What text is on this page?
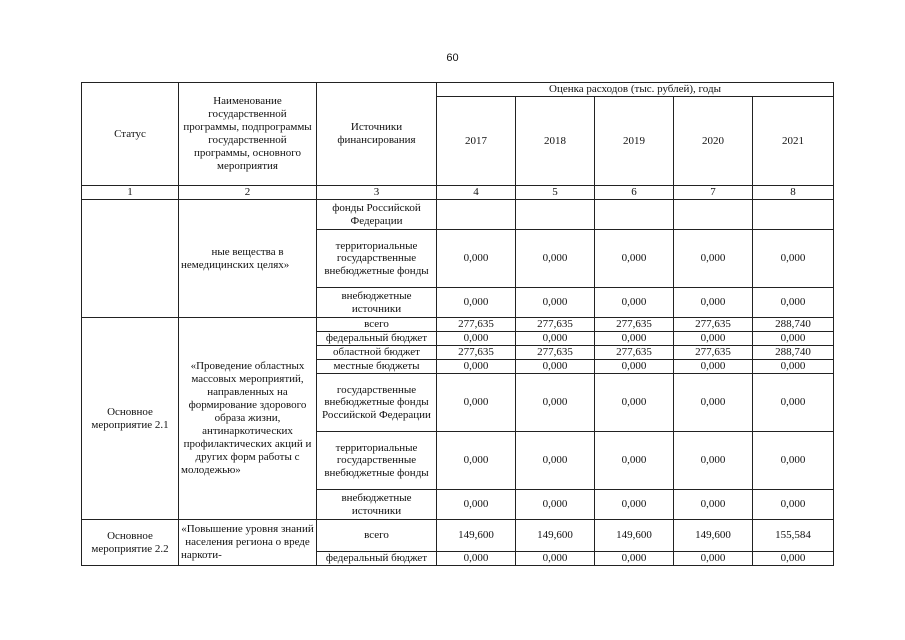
60
Статус	Наименование государственной программы, подпрограммы государственной программы, основного мероприятия	Источники финансирования	Оценка расходов (тыс. рублей), годы				
			2017	2018	2019	2020	2021
1	2	3	4	5	6	7	8
	ные вещества в немедицинских целях»	фонды Российской Федерации					
		территориальные государственные внебюджетные фонды	0,000	0,000	0,000	0,000	0,000
		внебюджетные источники	0,000	0,000	0,000	0,000	0,000
Основное мероприятие 2.1	«Проведение областных массовых мероприятий, направленных на формирование здорового образа жизни, антинаркотических профилактических акций и других форм работы с молодежью»	всего	277,635	277,635	277,635	277,635	288,740
		федеральный бюджет	0,000	0,000	0,000	0,000	0,000
		областной бюджет	277,635	277,635	277,635	277,635	288,740
		местные бюджеты	0,000	0,000	0,000	0,000	0,000
		государственные внебюджетные фонды Российской Федерации	0,000	0,000	0,000	0,000	0,000
		территориальные государственные внебюджетные фонды	0,000	0,000	0,000	0,000	0,000
		внебюджетные источники	0,000	0,000	0,000	0,000	0,000
Основное мероприятие 2.2	«Повышение уровня знаний населения региона о вреде наркоти-	всего	149,600	149,600	149,600	149,600	155,584
		федеральный бюджет	0,000	0,000	0,000	0,000	0,000
